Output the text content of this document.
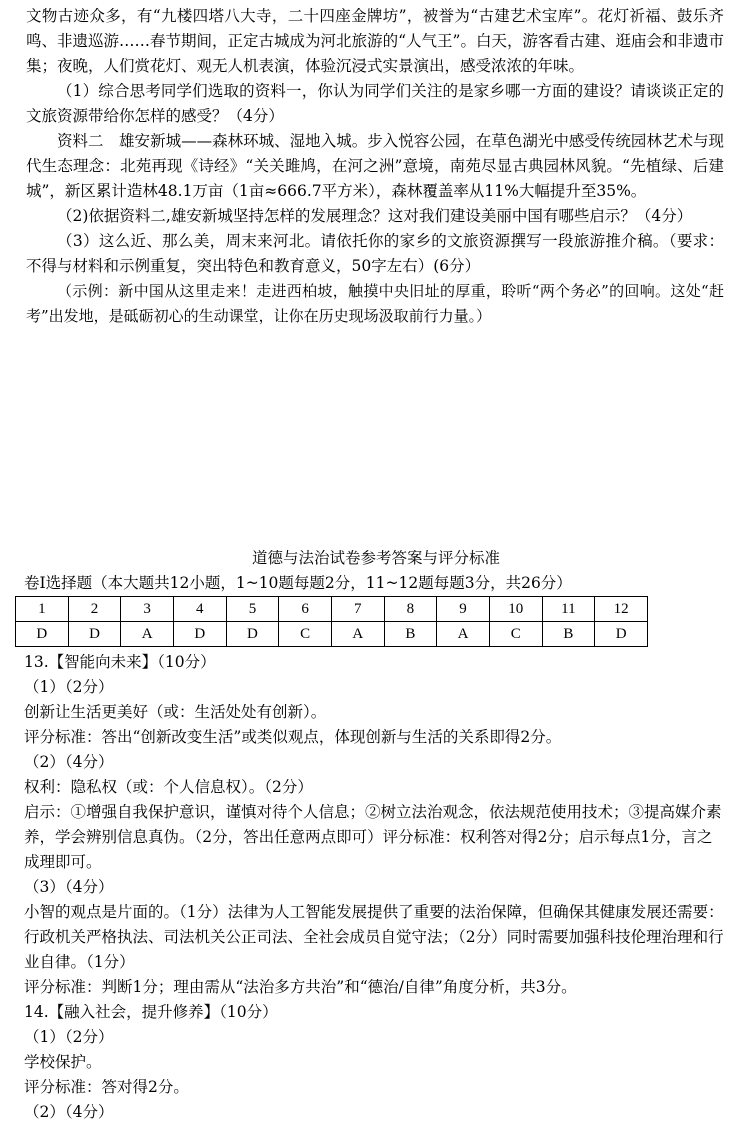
文物古迹众多，有“九楼四塔八大寺，二十四座金牌坊”，被誉为“古建艺术宝库”。花灯祈福、鼓乐齐鸣、非遗巡游……春节期间，正定古城成为河北旅游的“人气王”。白天，游客看古建、逛庙会和非遗市集；夜晚，人们赏花灯、观无人机表演，体验沉浸式实景演出，感受浓浓的年味。

（1）综合思考同学们选取的资料一，你认为同学们关注的是家乡哪一方面的建设？请谈谈正定的文旅资源带给你怎样的感受？（4分）

资料二　雄安新城——森林环城、湿地入城。步入悦容公园，在草色湖光中感受传统园林艺术与现代生态理念：北苑再现《诗经》“关关雎鸠，在河之洲”意境，南苑尽显古典园林风貌。“先植绿、后建城”，新区累计造林48.1万亩（1亩≈666.7平方米），森林覆盖率从11%大幅提升至35%。

（2)依据资料二,雄安新城坚持怎样的发展理念？这对我们建设美丽中国有哪些启示？（4分）

（3）这么近、那么美，周末来河北。请依托你的家乡的文旅资源撰写一段旅游推介稿。（要求：不得与材料和示例重复，突出特色和教育意义，50字左右）(6分）

（示例：新中国从这里走来！走进西柏坡，触摸中央旧址的厚重，聆听“两个务必”的回响。这处“赶考”出发地，是砥砺初心的生动课堂，让你在历史现场汲取前行力量。）

道德与法治试卷参考答案与评分标准
卷Ⅰ选择题（本大题共12小题，1~10题每题2分，11~12题每题3分，共26分）
1	2	3	4	5	6	7	8	9	10	11	12
D	D	A	D	D	C	A	B	A	C	B	D

13.【智能向未来】（10分）

（1）（2分）

创新让生活更美好（或：生活处处有创新）。

评分标准：答出“创新改变生活”或类似观点，体现创新与生活的关系即得2分。

（2）（4分）

权利：隐私权（或：个人信息权）。（2分）

启示：①增强自我保护意识，谨慎对待个人信息；②树立法治观念，依法规范使用技术；③提高媒介素养，学会辨别信息真伪。（2分，答出任意两点即可）评分标准：权利答对得2分；启示每点1分，言之成理即可。

（3）（4分）

小智的观点是片面的。（1分）法律为人工智能发展提供了重要的法治保障，但确保其健康发展还需要：行政机关严格执法、司法机关公正司法、全社会成员自觉守法；（2分）同时需要加强科技伦理治理和行业自律。（1分）

评分标准：判断1分；理由需从“法治多方共治”和“德治/自律”角度分析，共3分。

14.【融入社会，提升修养】（10分）

（1）（2分）

学校保护。

评分标准：答对得2分。

（2）（4分）
